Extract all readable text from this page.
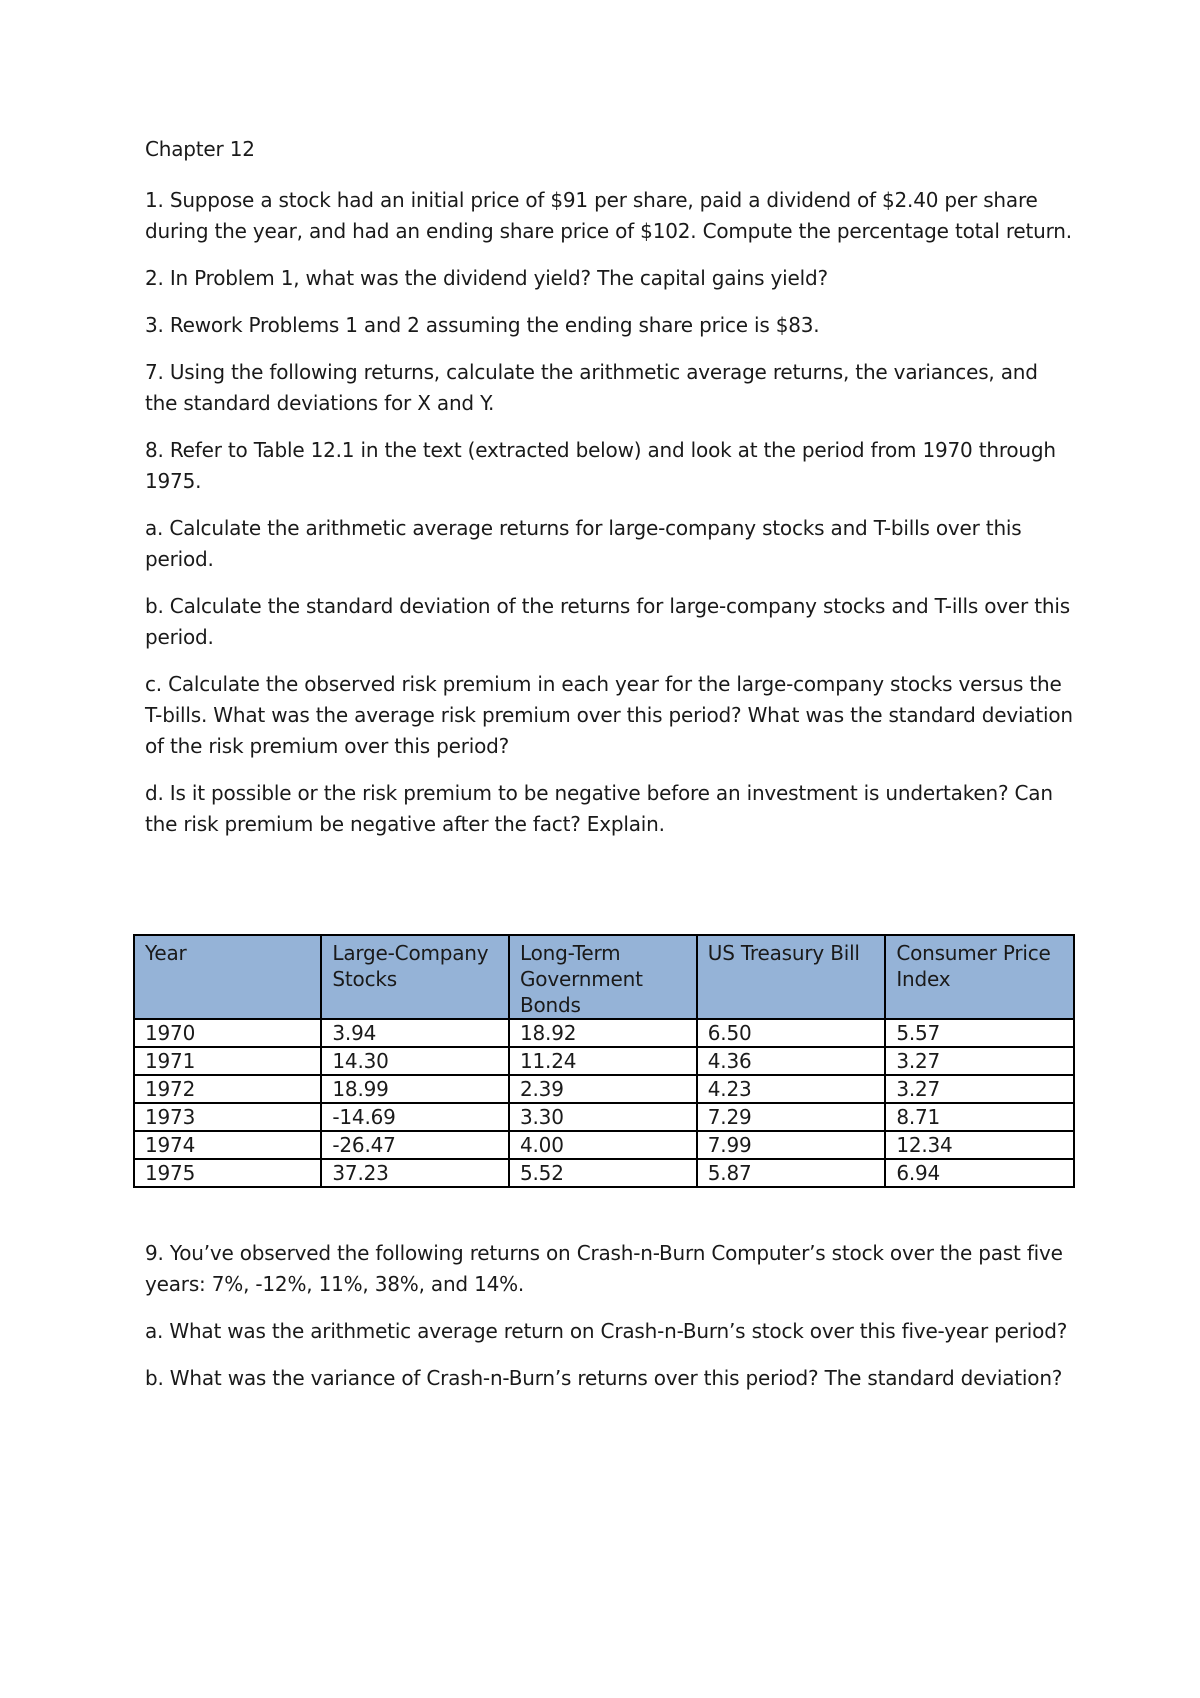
Chapter 12

1. Suppose a stock had an initial price of $91 per share, paid a dividend of $2.40 per share during the year, and had an ending share price of $102. Compute the percentage total return.

2. In Problem 1, what was the dividend yield? The capital gains yield?

3. Rework Problems 1 and 2 assuming the ending share price is $83.

7. Using the following returns, calculate the arithmetic average returns, the variances, and the standard deviations for X and Y.

8. Refer to Table 12.1 in the text (extracted below) and look at the period from 1970 through 1975.

a. Calculate the arithmetic average returns for large-company stocks and T-bills over this period.

b. Calculate the standard deviation of the returns for large-company stocks and T-ills over this period.

c. Calculate the observed risk premium in each year for the large-company stocks versus the T-bills. What was the average risk premium over this period? What was the standard deviation of the risk premium over this period?

d. Is it possible or the risk premium to be negative before an investment is undertaken? Can the risk premium be negative after the fact? Explain.

Year	Large-Company Stocks	Long-Term Government Bonds	US Treasury Bill	Consumer Price Index
1970	3.94	18.92	6.50	5.57
1971	14.30	11.24	4.36	3.27
1972	18.99	2.39	4.23	3.27
1973	-14.69	3.30	7.29	8.71
1974	-26.47	4.00	7.99	12.34
1975	37.23	5.52	5.87	6.94

9. You’ve observed the following returns on Crash-n-Burn Computer’s stock over the past five years: 7%, -12%, 11%, 38%, and 14%.

a. What was the arithmetic average return on Crash-n-Burn’s stock over this five-year period?

b. What was the variance of Crash-n-Burn’s returns over this period? The standard deviation?
